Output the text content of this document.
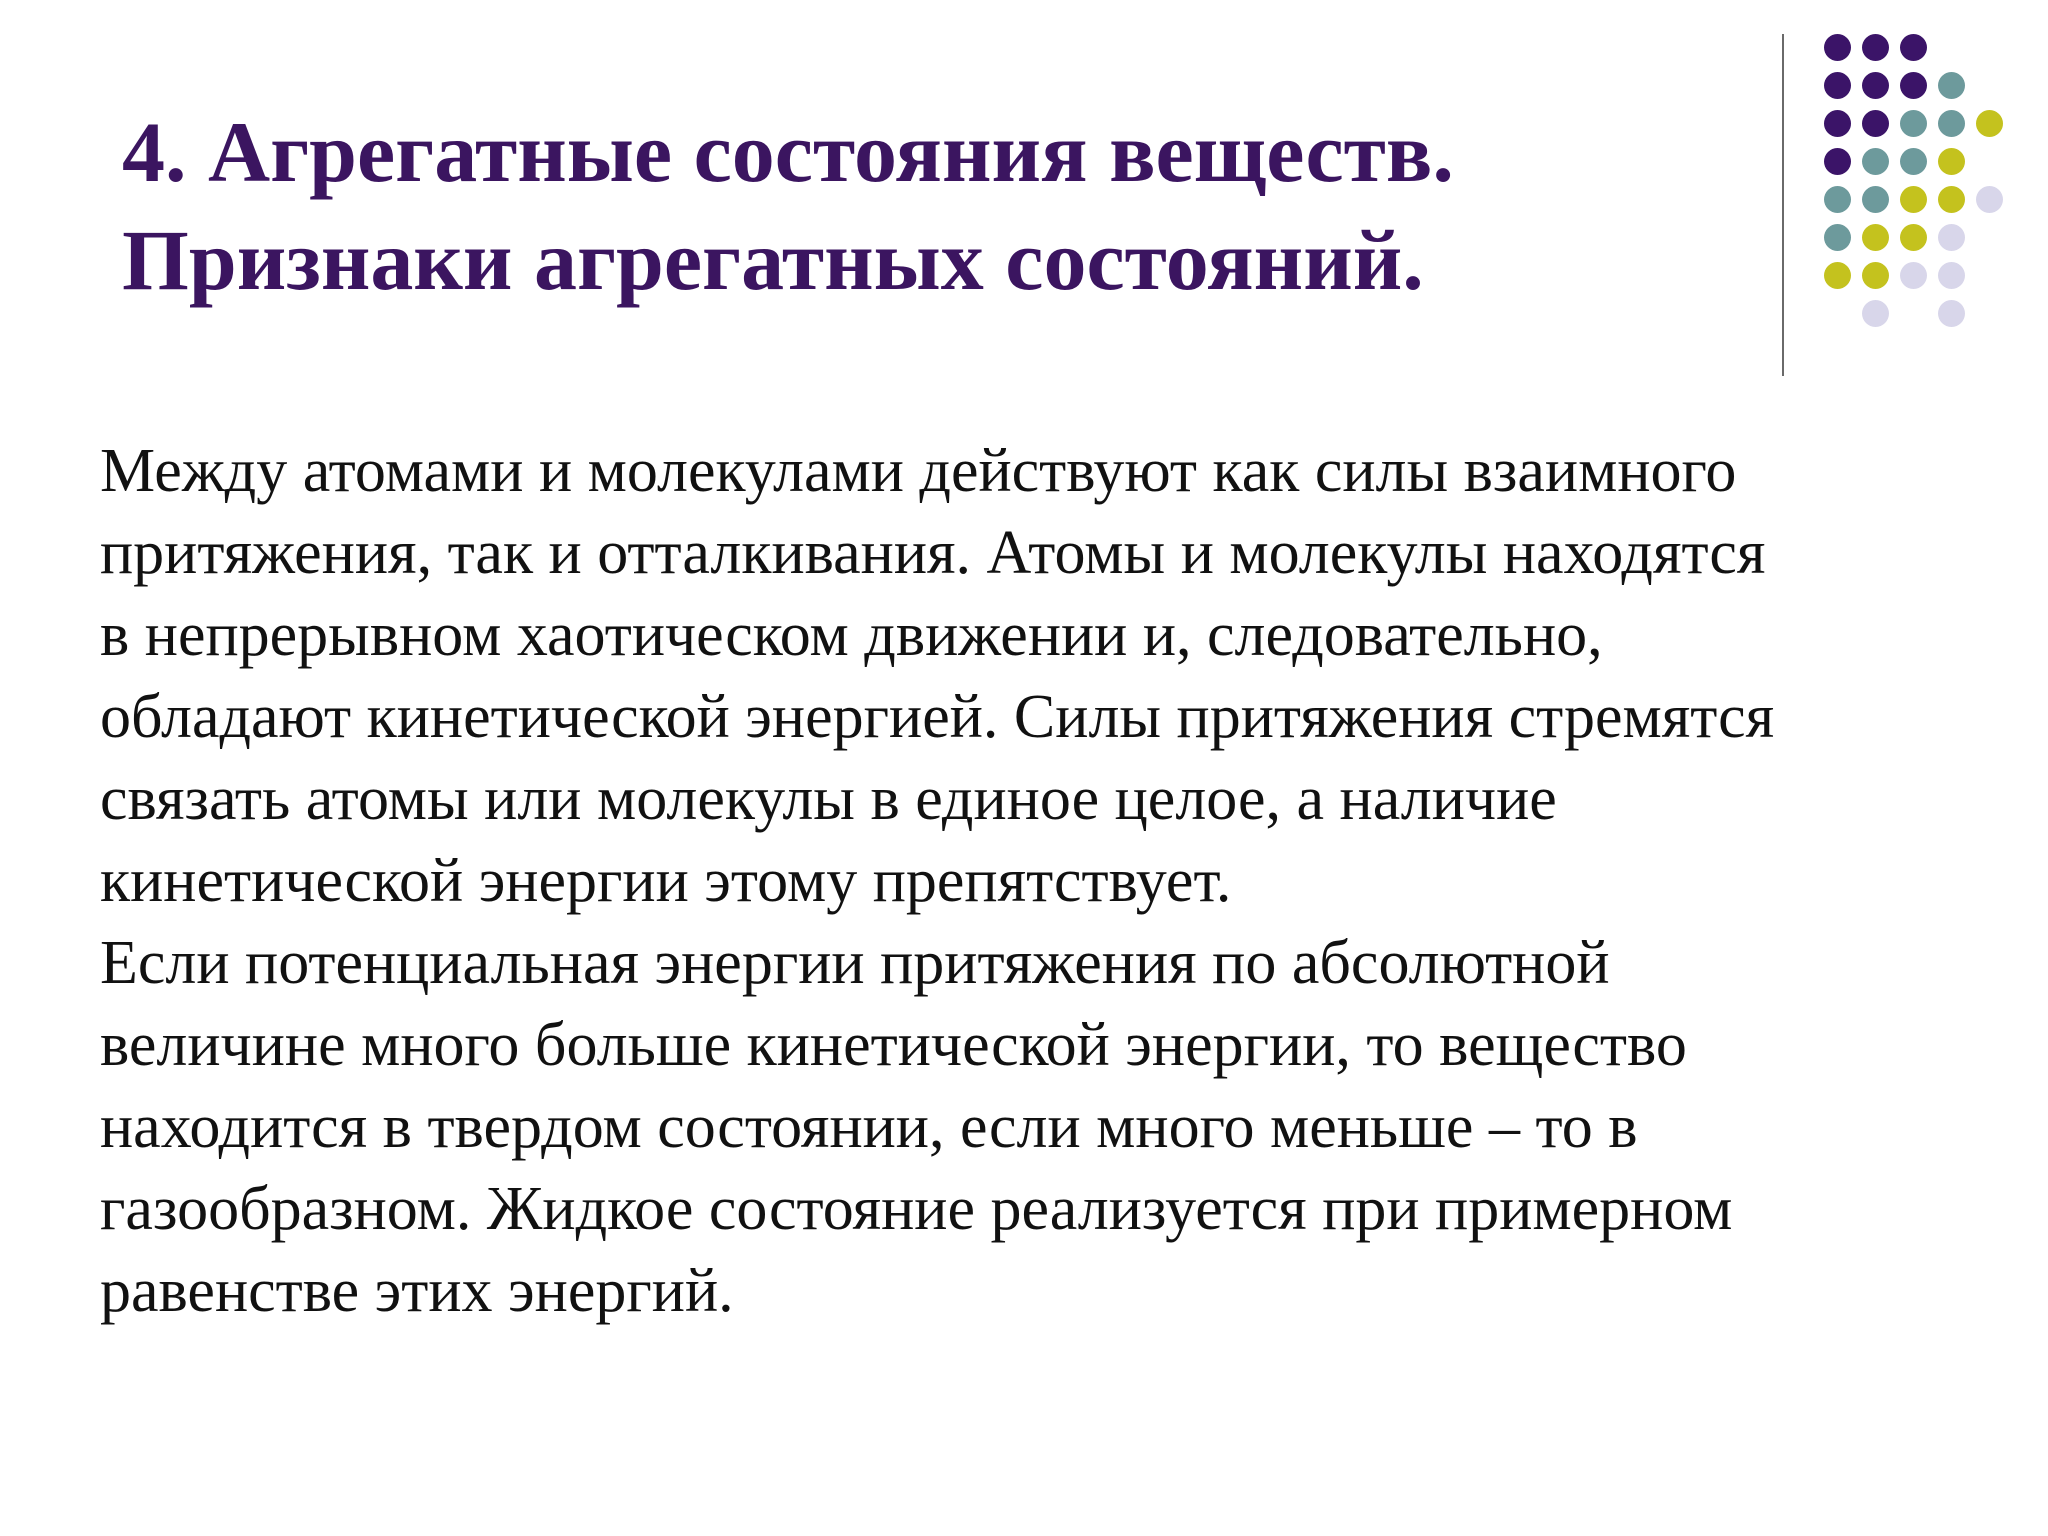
4. Агрегатные состояния веществ.
Признаки агрегатных состояний.

Между атомами и молекулами действуют как силы взаимного
притяжения, так и отталкивания. Атомы и молекулы находятся
в непрерывном хаотическом движении и, следовательно,
обладают кинетической энергией. Силы притяжения стремятся
связать атомы или молекулы в единое целое, а наличие
кинетической энергии этому препятствует.
Если потенциальная энергии притяжения по абсолютной
величине много больше кинетической энергии, то вещество
находится в твердом состоянии, если много меньше – то в
газообразном. Жидкое состояние реализуется при примерном
равенстве этих энергий.
